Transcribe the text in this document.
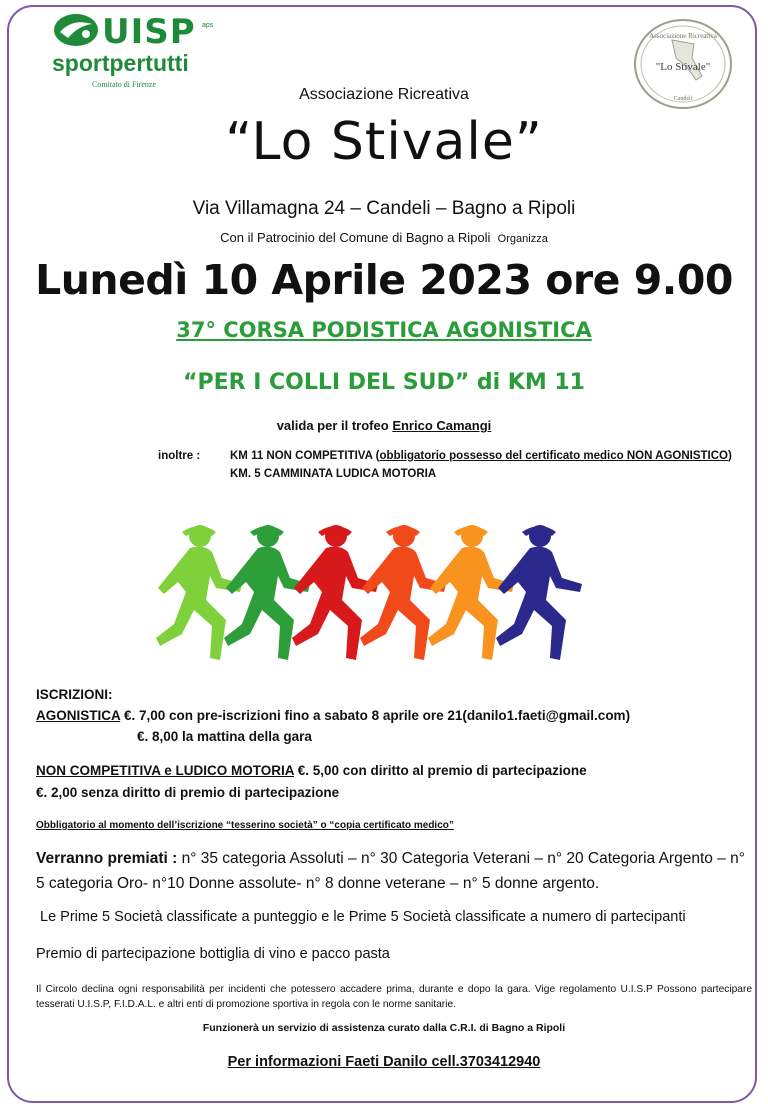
UISP aps
sportpertutti
Comitato di Firenze
Associazione Ricreativa
"Lo Stivale"
Candeli
Associazione Ricreativa
“Lo Stivale”
Via Villamagna 24 – Candeli – Bagno a Ripoli
Con il Patrocinio del Comune di Bagno a Ripoli Organizza
Lunedì 10 Aprile 2023 ore 9.00
37° CORSA PODISTICA AGONISTICA
“PER I COLLI DEL SUD” di KM 11
valida per il trofeo Enrico Camangi
inoltre :	KM 11 NON COMPETITIVA (obbligatorio possesso del certificato medico NON AGONISTICO)
KM. 5 CAMMINATA LUDICA MOTORIA
ISCRIZIONI:
AGONISTICA €. 7,00 con pre-iscrizioni fino a sabato 8 aprile ore 21(danilo1.faeti@gmail.com)
€. 8,00 la mattina della gara
NON COMPETITIVA e LUDICO MOTORIA €. 5,00 con diritto al premio di partecipazione
€. 2,00 senza diritto di premio di partecipazione
Obbligatorio al momento dell’iscrizione “tesserino società” o “copia certificato medico”
Verranno premiati : n° 35 categoria Assoluti – n° 30 Categoria Veterani – n° 20 Categoria Argento – n°
5 categoria Oro- n°10 Donne assolute- n° 8 donne veterane – n° 5 donne argento.
Le Prime 5 Società classificate a punteggio e le Prime 5 Società classificate a numero di partecipanti
Premio di partecipazione bottiglia di vino e pacco pasta
Il Circolo declina ogni responsabilità per incidenti che potessero accadere prima, durante e dopo la gara. Vige regolamento U.I.S.P Possono partecipare tesserati U.I.S.P, F.I.D.A.L. e altri enti di promozione sportiva in regola con le norme sanitarie.
Funzionerà un servizio di assistenza curato dalla C.R.I. di Bagno a Ripoli
Per informazioni Faeti Danilo cell.3703412940
